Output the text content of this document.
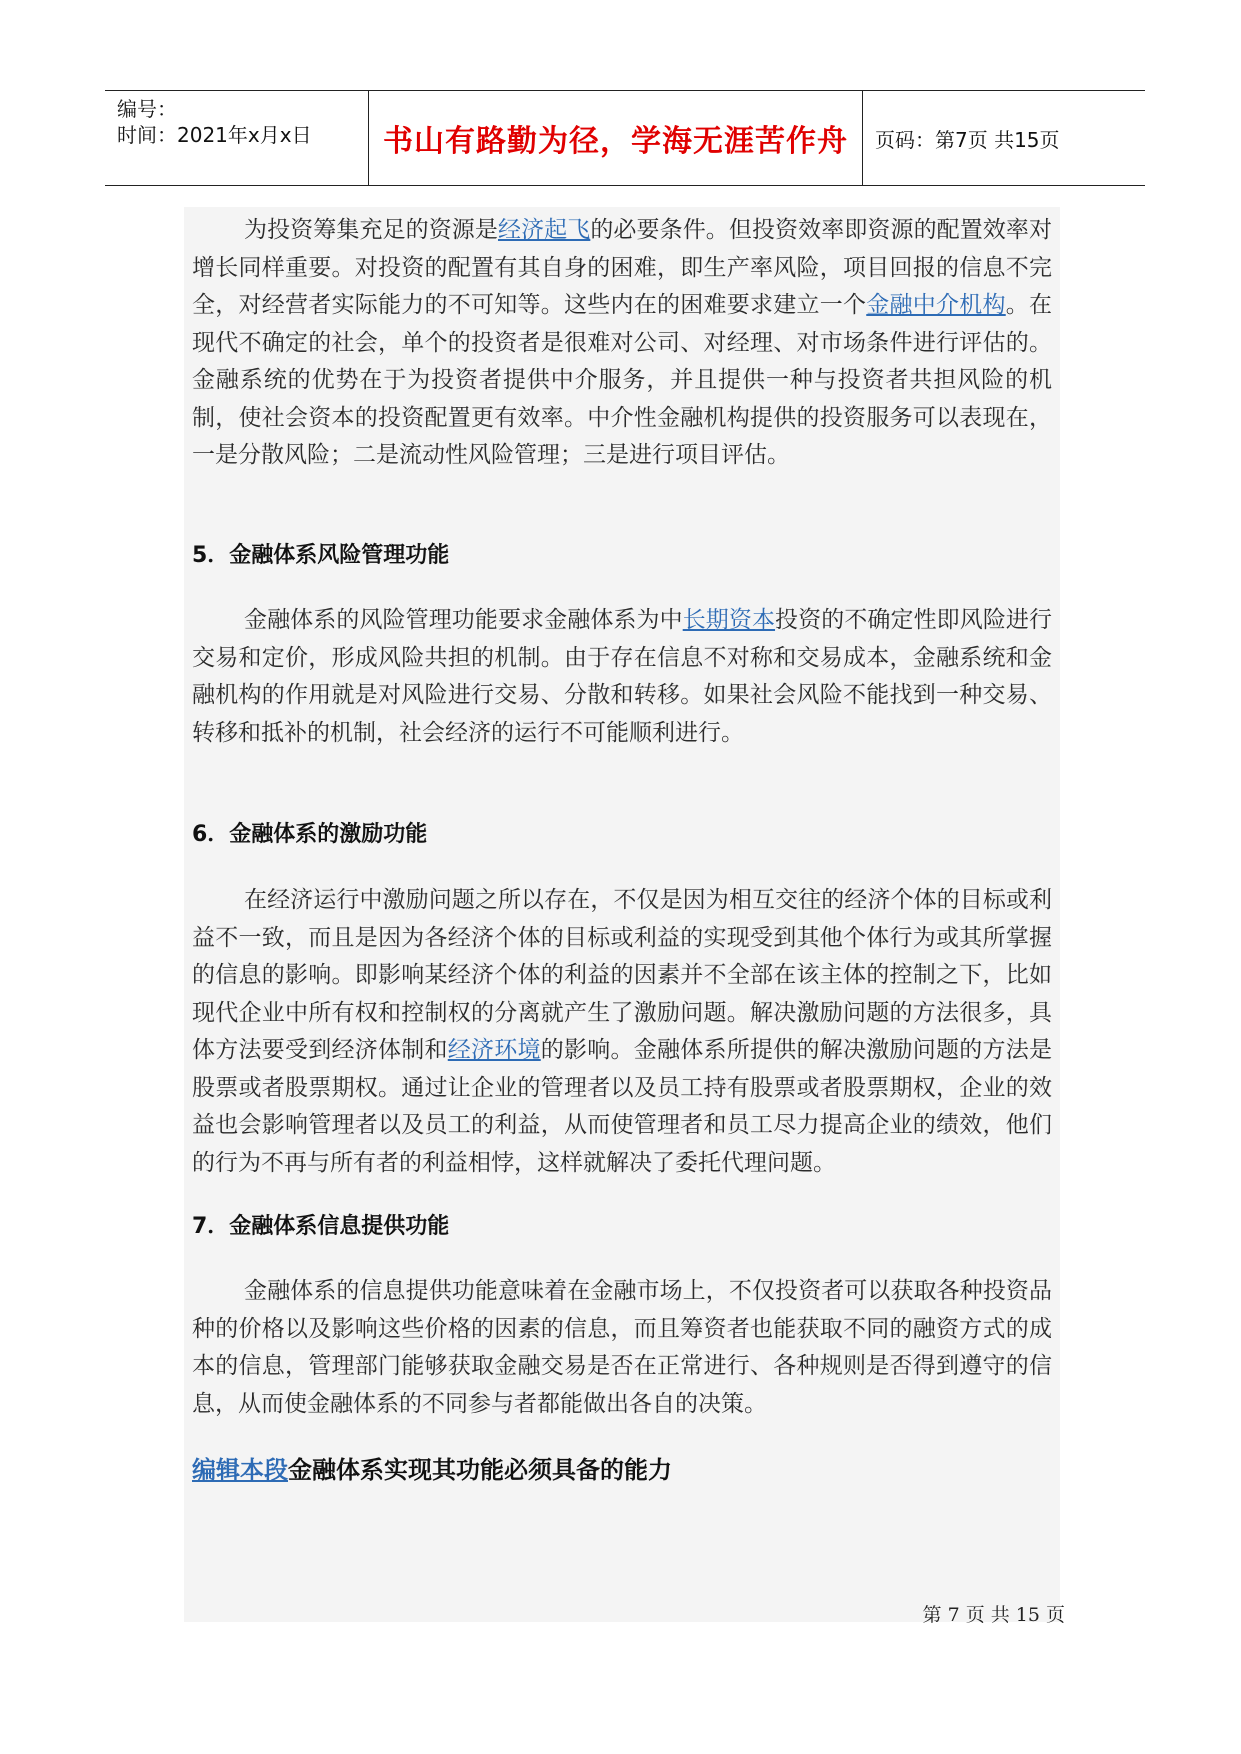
编号：
时间：2021年x月x日 书山有路勤为径，学海无涯苦作舟 页码：第7页 共15页

为投资筹集充足的资源是经济起飞的必要条件。但投资效率即资源的配置效率对增长同样重要。对投资的配置有其自身的困难，即生产率风险，项目回报的信息不完全，对经营者实际能力的不可知等。这些内在的困难要求建立一个金融中介机构。在现代不确定的社会，单个的投资者是很难对公司、对经理、对市场条件进行评估的。金融系统的优势在于为投资者提供中介服务，并且提供一种与投资者共担风险的机制，使社会资本的投资配置更有效率。中介性金融机构提供的投资服务可以表现在，一是分散风险；二是流动性风险管理；三是进行项目评估。

5．金融体系风险管理功能

金融体系的风险管理功能要求金融体系为中长期资本投资的不确定性即风险进行交易和定价，形成风险共担的机制。由于存在信息不对称和交易成本，金融系统和金融机构的作用就是对风险进行交易、分散和转移。如果社会风险不能找到一种交易、转移和抵补的机制，社会经济的运行不可能顺利进行。

6．金融体系的激励功能

在经济运行中激励问题之所以存在，不仅是因为相互交往的经济个体的目标或利益不一致，而且是因为各经济个体的目标或利益的实现受到其他个体行为或其所掌握的信息的影响。即影响某经济个体的利益的因素并不全部在该主体的控制之下，比如现代企业中所有权和控制权的分离就产生了激励问题。解决激励问题的方法很多，具体方法要受到经济体制和经济环境的影响。金融体系所提供的解决激励问题的方法是股票或者股票期权。通过让企业的管理者以及员工持有股票或者股票期权，企业的效益也会影响管理者以及员工的利益，从而使管理者和员工尽力提高企业的绩效，他们的行为不再与所有者的利益相悖，这样就解决了委托代理问题。

7．金融体系信息提供功能

金融体系的信息提供功能意味着在金融市场上，不仅投资者可以获取各种投资品种的价格以及影响这些价格的因素的信息，而且筹资者也能获取不同的融资方式的成本的信息，管理部门能够获取金融交易是否在正常进行、各种规则是否得到遵守的信息，从而使金融体系的不同参与者都能做出各自的决策。

编辑本段金融体系实现其功能必须具备的能力
第 7 页 共 15 页
